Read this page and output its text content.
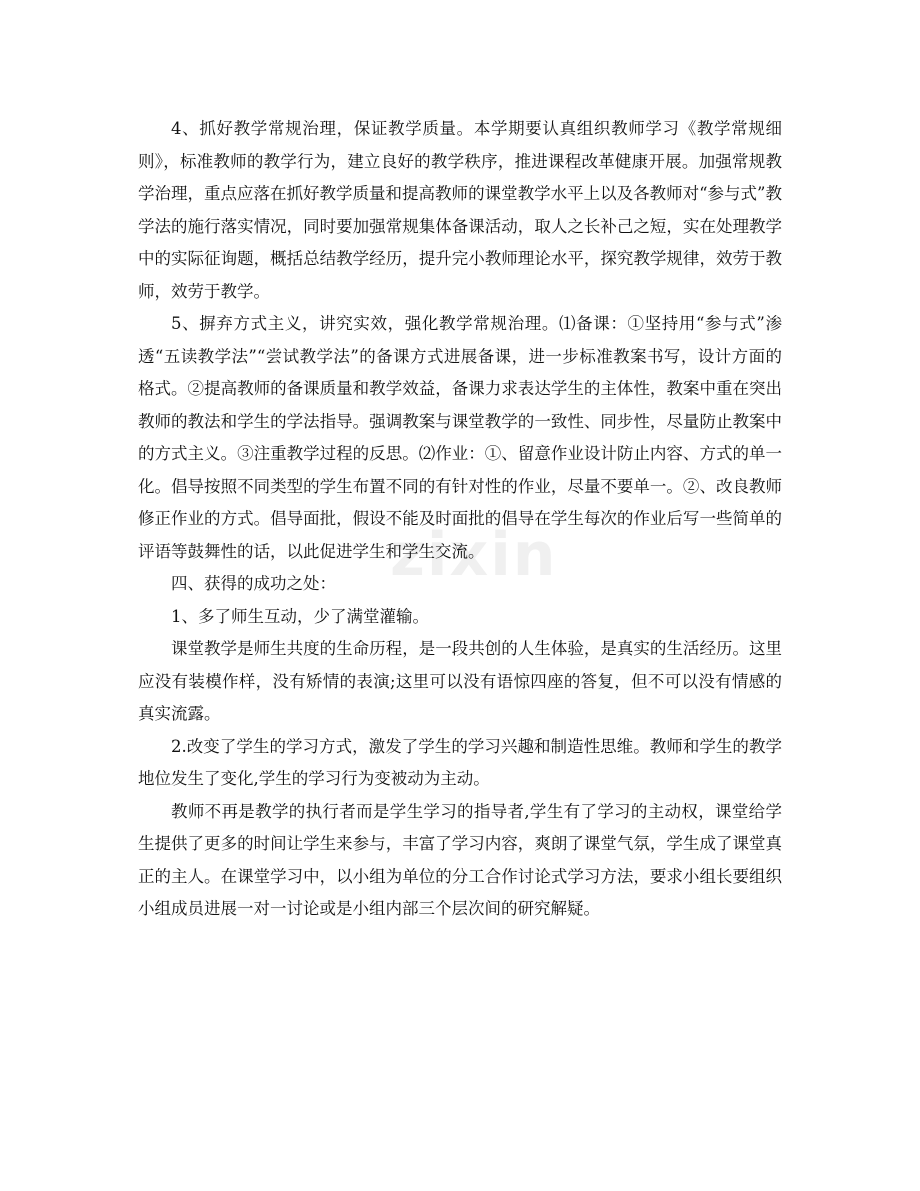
zixin

4、抓好教学常规治理，保证教学质量。本学期要认真组织教师学习《教学常规细则》，标准教师的教学行为，建立良好的教学秩序，推进课程改革健康开展。加强常规教学治理，重点应落在抓好教学质量和提高教师的课堂教学水平上以及各教师对“参与式”教学法的施行落实情况，同时要加强常规集体备课活动，取人之长补己之短，实在处理教学中的实际征询题，概括总结教学经历，提升完小教师理论水平，探究教学规律，效劳于教师，效劳于教学。

5、摒弃方式主义，讲究实效，强化教学常规治理。⑴备课：①坚持用“参与式”渗透“五读教学法”“尝试教学法”的备课方式进展备课，进一步标准教案书写，设计方面的格式。②提高教师的备课质量和教学效益，备课力求表达学生的主体性，教案中重在突出教师的教法和学生的学法指导。强调教案与课堂教学的一致性、同步性，尽量防止教案中的方式主义。③注重教学过程的反思。⑵作业：①、留意作业设计防止内容、方式的单一化。倡导按照不同类型的学生布置不同的有针对性的作业，尽量不要单一。②、改良教师修正作业的方式。倡导面批，假设不能及时面批的倡导在学生每次的作业后写一些简单的评语等鼓舞性的话，以此促进学生和学生交流。

四、获得的成功之处：

1、多了师生互动，少了满堂灌输。

课堂教学是师生共度的生命历程，是一段共创的人生体验，是真实的生活经历。这里应没有装模作样，没有矫情的表演;这里可以没有语惊四座的答复，但不可以没有情感的真实流露。

2.改变了学生的学习方式，激发了学生的学习兴趣和制造性思维。教师和学生的教学地位发生了变化,学生的学习行为变被动为主动。

教师不再是教学的执行者而是学生学习的指导者,学生有了学习的主动权，课堂给学生提供了更多的时间让学生来参与，丰富了学习内容，爽朗了课堂气氛，学生成了课堂真正的主人。在课堂学习中，以小组为单位的分工合作讨论式学习方法，要求小组长要组织小组成员进展一对一讨论或是小组内部三个层次间的研究解疑。
